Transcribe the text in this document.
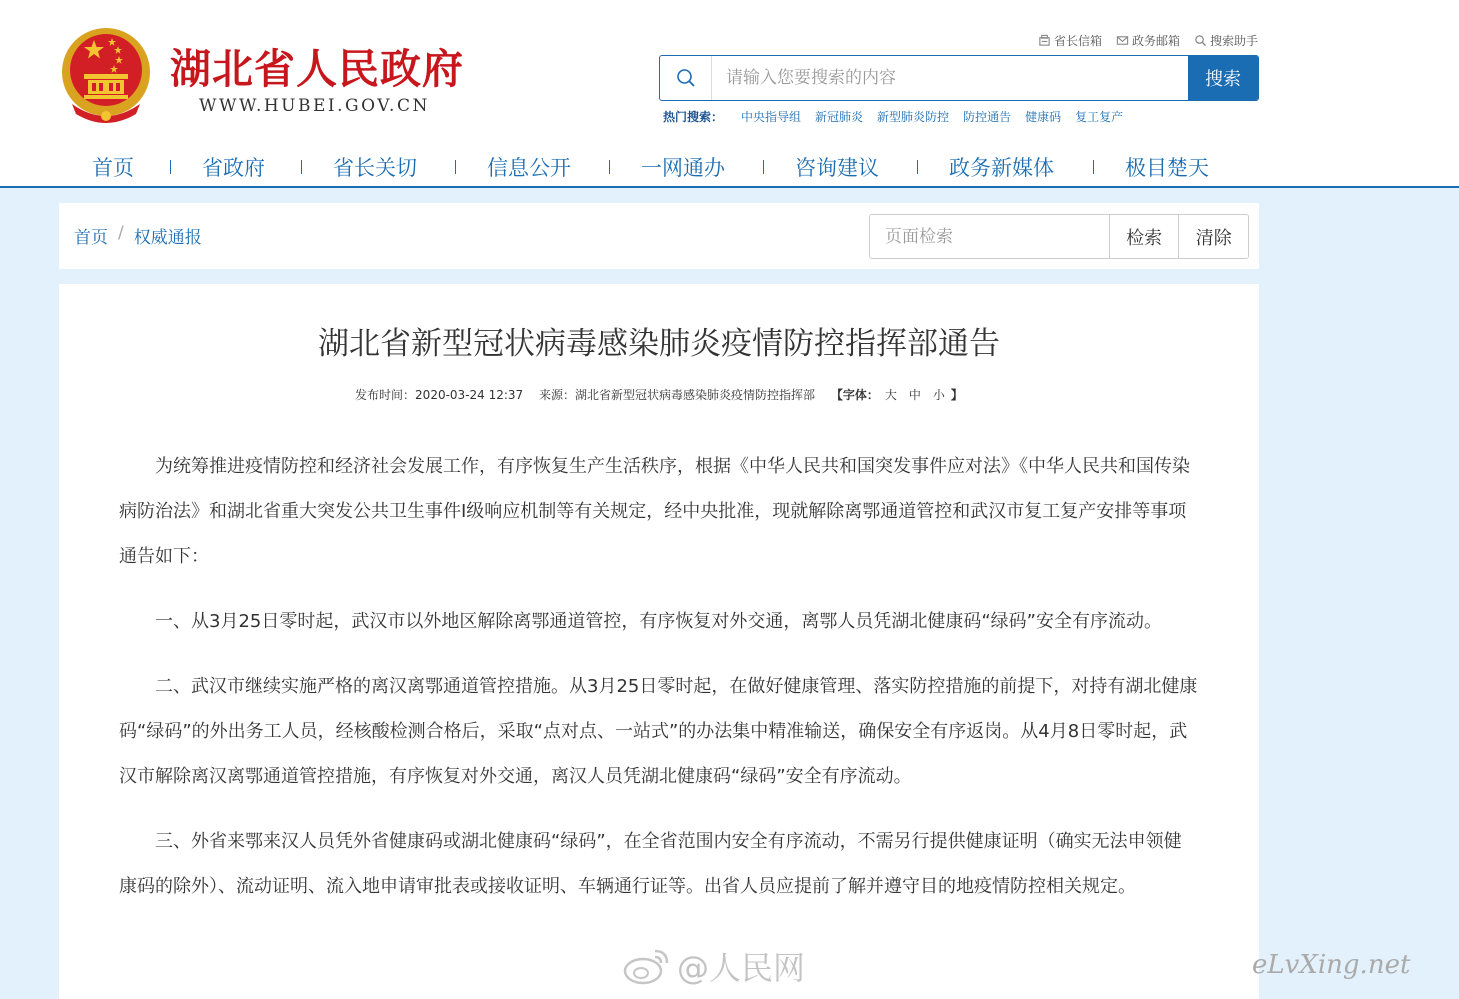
湖北省人民政府
WWW.HUBEI.GOV.CN
省长信箱	政务邮箱	搜索助手
请输入您要搜索的内容
搜索
热门搜索： 中央指导组 新冠肺炎 新型肺炎防控 防控通告 健康码 复工复产
首页	省政府	省长关切	信息公开	一网通办	咨询建议	政务新媒体	极目楚天
首页 / 权威通报
页面检索	检索	清除
湖北省新型冠状病毒感染肺炎疫情防控指挥部通告
发布时间：2020-03-24 12:37 来源：湖北省新型冠状病毒感染肺炎疫情防控指挥部 【字体： 大 中 小 】

为统筹推进疫情防控和经济社会发展工作，有序恢复生产生活秩序，根据《中华人民共和国突发事件应对法》《中华人民共和国传染病防治法》和湖北省重大突发公共卫生事件I级响应机制等有关规定，经中央批准，现就解除离鄂通道管控和武汉市复工复产安排等事项通告如下：

一、从3月25日零时起，武汉市以外地区解除离鄂通道管控，有序恢复对外交通，离鄂人员凭湖北健康码“绿码”安全有序流动。

二、武汉市继续实施严格的离汉离鄂通道管控措施。从3月25日零时起，在做好健康管理、落实防控措施的前提下，对持有湖北健康码“绿码”的外出务工人员，经核酸检测合格后，采取“点对点、一站式”的办法集中精准输送，确保安全有序返岗。从4月8日零时起，武汉市解除离汉离鄂通道管控措施，有序恢复对外交通，离汉人员凭湖北健康码“绿码”安全有序流动。

三、外省来鄂来汉人员凭外省健康码或湖北健康码“绿码”，在全省范围内安全有序流动，不需另行提供健康证明（确实无法申领健康码的除外）、流动证明、流入地申请审批表或接收证明、车辆通行证等。出省人员应提前了解并遵守目的地疫情防控相关规定。

@人民网	eLvXing.net
